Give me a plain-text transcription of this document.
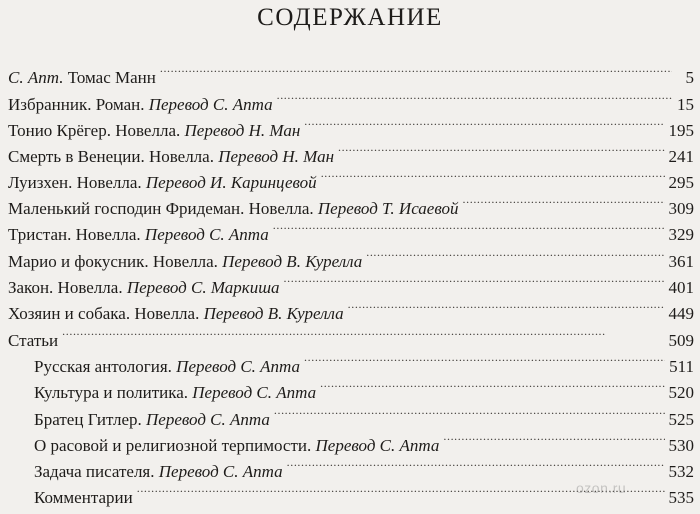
СОДЕРЖАНИЕ
С. Апт. Томас Манн . . .	5
Избранник. Роман. Перевод С. Апта . . .	15
Тонио Крёгер. Новелла. Перевод Н. Ман . . .	195
Смерть в Венеции. Новелла. Перевод Н. Ман . . .	241
Луизхен. Новелла. Перевод И. Каринцевой . . .	295
Маленький господин Фридеман. Новелла. Перевод Т. Исаевой . . .	309
Тристан. Новелла. Перевод С. Апта . . .	329
Марио и фокусник. Новелла. Перевод В. Курелла . . .	361
Закон. Новелла. Перевод С. Маркиша . . .	401
Хозяин и собака. Новелла. Перевод В. Курелла . . .	449
Статьи . . .	509
Русская антология. Перевод С. Апта . . .	511
Культура и политика. Перевод С. Апта . . .	520
Братец Гитлер. Перевод С. Апта . . .	525
О расовой и религиозной терпимости. Перевод С. Апта . . .	530
Задача писателя. Перевод С. Апта . . .	532
Комментарии . . .	535
ozon.ru
